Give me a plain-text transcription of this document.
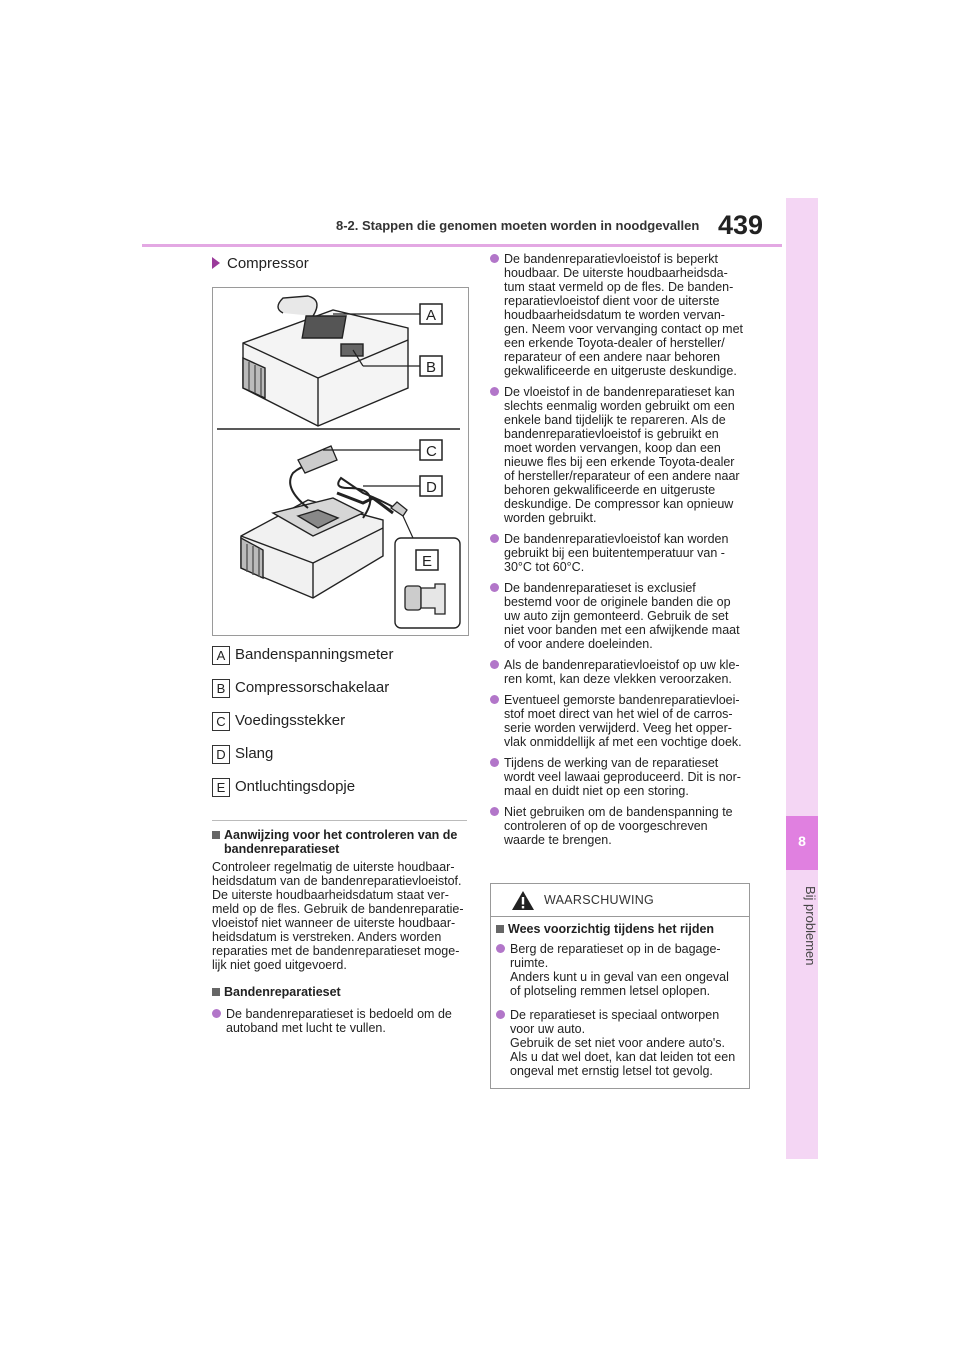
8-2. Stappen die genomen moeten worden in noodgevallen 439
8
Bij problemen
Compressor
A
B
C
D
E
A Bandenspanningsmeter
B Compressorschakelaar
C Voedingsstekker
D Slang
E Ontluchtingsdopje
Aanwijzing voor het controleren van de bandenreparatieset
Controleer regelmatig de uiterste houdbaar-
heidsdatum van de bandenreparatievloeistof.
De uiterste houdbaarheidsdatum staat ver-
meld op de fles. Gebruik de bandenreparatie-
vloeistof niet wanneer de uiterste houdbaar-
heidsdatum is verstreken. Anders worden
reparaties met de bandenreparatieset moge-
lijk niet goed uitgevoerd.
Bandenreparatieset
De bandenreparatieset is bedoeld om de
autoband met lucht te vullen.
De bandenreparatievloeistof is beperkt
houdbaar. De uiterste houdbaarheidsda-
tum staat vermeld op de fles. De banden-
reparatievloeistof dient voor de uiterste
houdbaarheidsdatum te worden vervan-
gen. Neem voor vervanging contact op met
een erkende Toyota-dealer of hersteller/
reparateur of een andere naar behoren
gekwalificeerde en uitgeruste deskundige.
De vloeistof in de bandenreparatieset kan
slechts eenmalig worden gebruikt om een
enkele band tijdelijk te repareren. Als de
bandenreparatievloeistof is gebruikt en
moet worden vervangen, koop dan een
nieuwe fles bij een erkende Toyota-dealer
of hersteller/reparateur of een andere naar
behoren gekwalificeerde en uitgeruste
deskundige. De compressor kan opnieuw
worden gebruikt.
De bandenreparatievloeistof kan worden
gebruikt bij een buitentemperatuur van -
30°C tot 60°C.
De bandenreparatieset is exclusief
bestemd voor de originele banden die op
uw auto zijn gemonteerd. Gebruik de set
niet voor banden met een afwijkende maat
of voor andere doeleinden.
Als de bandenreparatievloeistof op uw kle-
ren komt, kan deze vlekken veroorzaken.
Eventueel gemorste bandenreparatievloei-
stof moet direct van het wiel of de carros-
serie worden verwijderd. Veeg het opper-
vlak onmiddellijk af met een vochtige doek.
Tijdens de werking van de reparatieset
wordt veel lawaai geproduceerd. Dit is nor-
maal en duidt niet op een storing.
Niet gebruiken om de bandenspanning te
controleren of op de voorgeschreven
waarde te brengen.
WAARSCHUWING
Wees voorzichtig tijdens het rijden
Berg de reparatieset op in de bagage-
ruimte.
Anders kunt u in geval van een ongeval
of plotseling remmen letsel oplopen.
De reparatieset is speciaal ontworpen
voor uw auto.
Gebruik de set niet voor andere auto's.
Als u dat wel doet, kan dat leiden tot een
ongeval met ernstig letsel tot gevolg.
